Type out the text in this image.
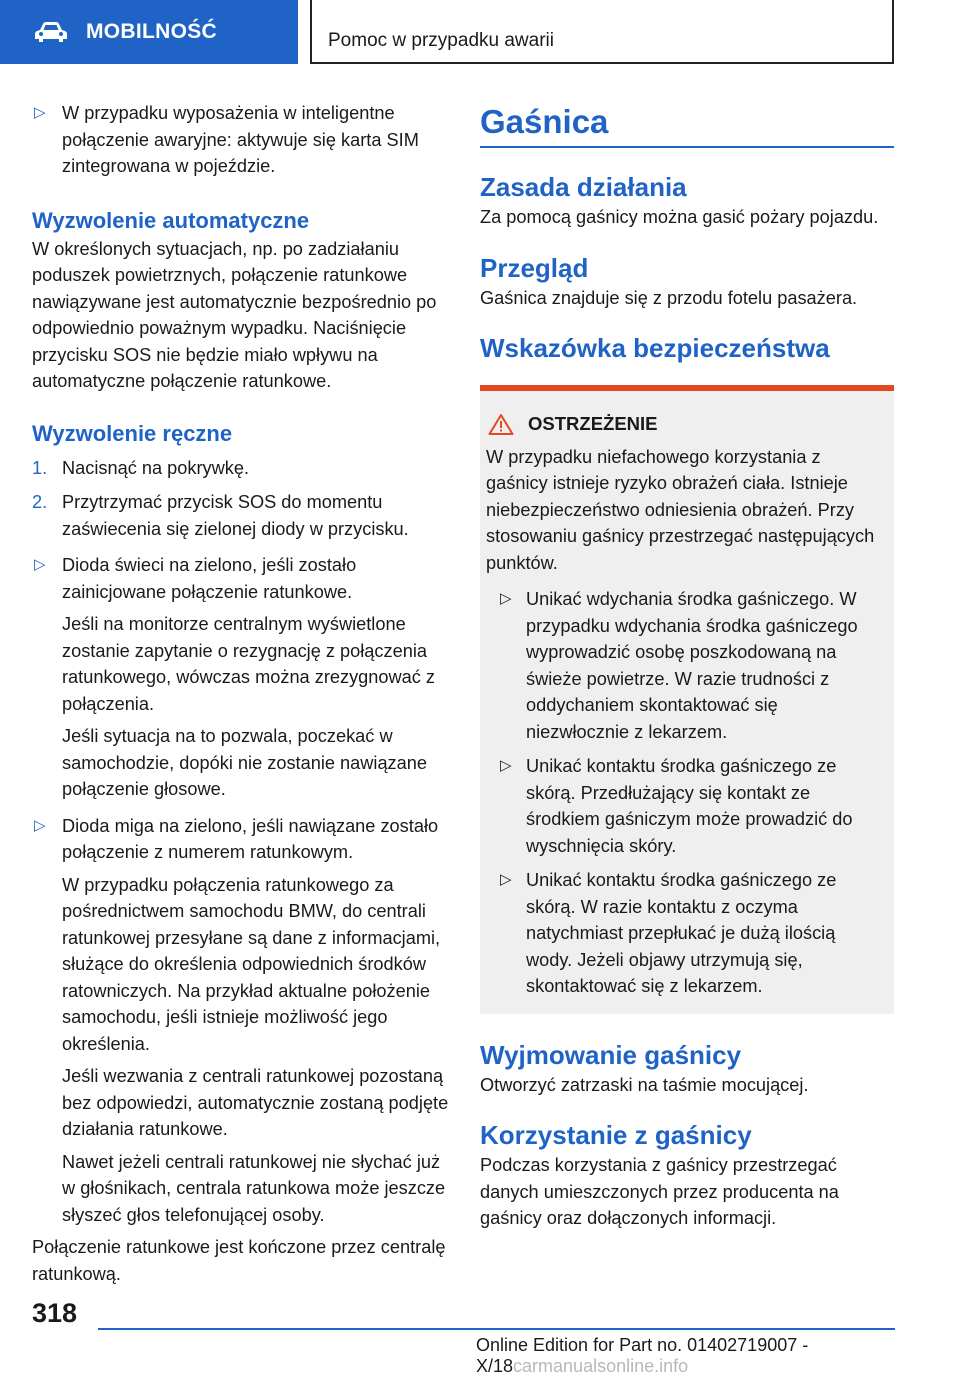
MOBILNOŚĆ	Pomoc w przypadku awarii

▷ W przypadku wyposażenia w inteligentne połączenie awaryjne: aktywuje się karta SIM zintegrowana w pojeździe.

Wyzwolenie automatyczne

W określonych sytuacjach, np. po zadziałaniu poduszek powietrznych, połączenie ratunkowe nawiązywane jest automatycznie bezpośrednio po odpowiednio poważnym wypadku. Naciśnięcie przycisku SOS nie będzie miało wpływu na automatyczne połączenie ratunkowe.

Wyzwolenie ręczne
1. Nacisnąć na pokrywkę.
2. Przytrzymać przycisk SOS do momentu zaświecenia się zielonej diody w przycisku.

▷ Dioda świeci na zielono, jeśli zostało zainicjowane połączenie ratunkowe.

Jeśli na monitorze centralnym wyświetlone zostanie zapytanie o rezygnację z połączenia ratunkowego, wówczas można zrezygnować z połączenia.

Jeśli sytuacja na to pozwala, poczekać w samochodzie, dopóki nie zostanie nawiązane połączenie głosowe.

▷ Dioda miga na zielono, jeśli nawiązane zostało połączenie z numerem ratunkowym.

W przypadku połączenia ratunkowego za pośrednictwem samochodu BMW, do centrali ratunkowej przesyłane są dane z informacjami, służące do określenia odpowiednich środków ratowniczych. Na przykład aktualne położenie samochodu, jeśli istnieje możliwość jego określenia.

Jeśli wezwania z centrali ratunkowej pozostaną bez odpowiedzi, automatycznie zostaną podjęte działania ratunkowe.

Nawet jeżeli centrali ratunkowej nie słychać już w głośnikach, centrala ratunkowa może jeszcze słyszeć głos telefonującej osoby.

Połączenie ratunkowe jest kończone przez centralę ratunkową.

Gaśnica
Zasada działania

Za pomocą gaśnicy można gasić pożary pojazdu.

Przegląd

Gaśnica znajduje się z przodu fotelu pasażera.

Wskazówka bezpieczeństwa
OSTRZEŻENIE

W przypadku niefachowego korzystania z gaśnicy istnieje ryzyko obrażeń ciała. Istnieje niebezpieczeństwo odniesienia obrażeń. Przy stosowaniu gaśnicy przestrzegać następujących punktów.

▷ Unikać wdychania środka gaśniczego. W przypadku wdychania środka gaśniczego wyprowadzić osobę poszkodowaną na świeże powietrze. W razie trudności z oddychaniem skontaktować się niezwłocznie z lekarzem.

▷ Unikać kontaktu środka gaśniczego ze skórą. Przedłużający się kontakt ze środkiem gaśniczym może prowadzić do wyschnięcia skóry.

▷ Unikać kontaktu środka gaśniczego ze skórą. W razie kontaktu z oczyma natychmiast przepłukać je dużą ilością wody. Jeżeli objawy utrzymują się, skontaktować się z lekarzem.

Wyjmowanie gaśnicy

Otworzyć zatrzaski na taśmie mocującej.

Korzystanie z gaśnicy

Podczas korzystania z gaśnicy przestrzegać danych umieszczonych przez producenta na gaśnicy oraz dołączonych informacji.

318
Online Edition for Part no. 01402719007 - X/18carmanualsonline.info
